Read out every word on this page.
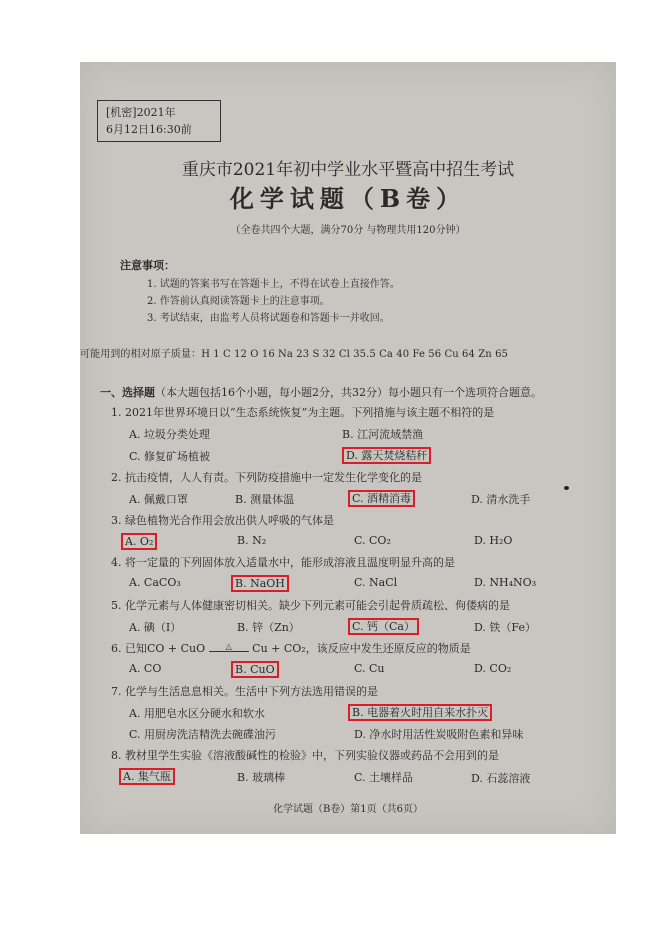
[机密]2021年
6月12日16:30前
重庆市2021年初中学业水平暨高中招生考试
化学试题（B卷）
（全卷共四个大题，满分70分 与物理共用120分钟）
注意事项：
1. 试题的答案书写在答题卡上，不得在试卷上直接作答。
2. 作答前认真阅读答题卡上的注意事项。
3. 考试结束，由监考人员将试题卷和答题卡一并收回。
可能用到的相对原子质量：H 1 C 12 O 16 Na 23 S 32 Cl 35.5 Ca 40 Fe 56 Cu 64 Zn 65
一、选择题（本大题包括16个小题，每小题2分，共32分）每小题只有一个选项符合题意。
1. 2021年世界环境日以“生态系统恢复”为主题。下列措施与该主题不相符的是
A. 垃圾分类处理	B. 江河流域禁渔
C. 修复矿场植被	D. 露天焚烧秸秆
2. 抗击疫情，人人有责。下列防疫措施中一定发生化学变化的是
A. 佩戴口罩	B. 测量体温	C. 酒精消毒	D. 清水洗手
3. 绿色植物光合作用会放出供人呼吸的气体是
A. O₂	B. N₂	C. CO₂	D. H₂O
4. 将一定量的下列固体放入适量水中，能形成溶液且温度明显升高的是
A. CaCO₃	B. NaOH	C. NaCl	D. NH₄NO₃
5. 化学元素与人体健康密切相关。缺少下列元素可能会引起骨质疏松、佝偻病的是
A. 碘（I）	B. 锌（Zn）	C. 钙（Ca）	D. 铁（Fe）
6. 已知CO + CuO	△ Cu + CO₂，该反应中发生还原反应的物质是
A. CO	B. CuO	C. Cu	D. CO₂
7. 化学与生活息息相关。生活中下列方法选用错误的是
A. 用肥皂水区分硬水和软水	B. 电器着火时用自来水扑灭
C. 用厨房洗洁精洗去碗碟油污	D. 净水时用活性炭吸附色素和异味
8. 教材里学生实验《溶液酸碱性的检验》中，下列实验仪器或药品不会用到的是
A. 集气瓶	B. 玻璃棒	C. 土壤样品	D. 石蕊溶液
化学试题（B卷）第1页（共6页）
